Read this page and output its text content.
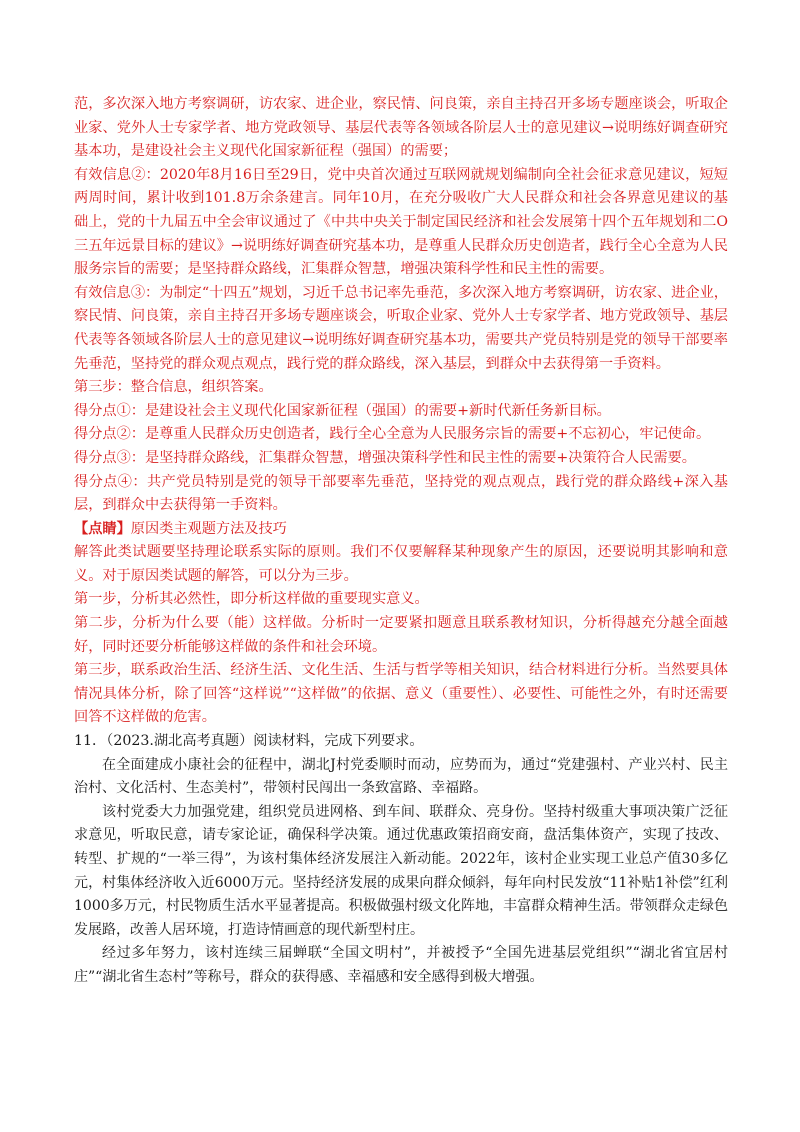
范，多次深入地方考察调研，访农家、进企业，察民情、问良策，亲自主持召开多场专题座谈会，听取企业家、党外人士专家学者、地方党政领导、基层代表等各领域各阶层人士的意见建议→说明练好调查研究基本功，是建设社会主义现代化国家新征程（强国）的需要；

有效信息②：2020年8月16日至29日，党中央首次通过互联网就规划编制向全社会征求意见建议，短短两周时间，累计收到101.8万余条建言。同年10月，在充分吸收广大人民群众和社会各界意见建议的基础上，党的十九届五中全会审议通过了《中共中央关于制定国民经济和社会发展第十四个五年规划和二O三五年远景目标的建议》→说明练好调查研究基本功，是尊重人民群众历史创造者，践行全心全意为人民服务宗旨的需要；是坚持群众路线，汇集群众智慧，增强决策科学性和民主性的需要。

有效信息③：为制定“十四五”规划，习近千总书记率先垂范，多次深入地方考察调研，访农家、进企业，察民情、问良策，亲自主持召开多场专题座谈会，听取企业家、党外人士专家学者、地方党政领导、基层代表等各领域各阶层人士的意见建议→说明练好调查研究基本功，需要共产党员特别是党的领导干部要率先垂范，坚持党的群众观点观点，践行党的群众路线，深入基层，到群众中去获得第一手资料。

第三步：整合信息，组织答案。

得分点①：是建设社会主义现代化国家新征程（强国）的需要+新时代新任务新目标。

得分点②：是尊重人民群众历史创造者，践行全心全意为人民服务宗旨的需要+不忘初心，牢记使命。

得分点③：是坚持群众路线，汇集群众智慧，增强决策科学性和民主性的需要+决策符合人民需要。

得分点④：共产党员特别是党的领导干部要率先垂范，坚持党的观点观点，践行党的群众路线+深入基层，到群众中去获得第一手资料。

【点睛】原因类主观题方法及技巧

解答此类试题要坚持理论联系实际的原则。我们不仅要解释某种现象产生的原因，还要说明其影响和意义。对于原因类试题的解答，可以分为三步。

第一步，分析其必然性，即分析这样做的重要现实意义。

第二步，分析为什么要（能）这样做。分析时一定要紧扣题意且联系教材知识，分析得越充分越全面越好，同时还要分析能够这样做的条件和社会环境。

第三步，联系政治生活、经济生活、文化生活、生活与哲学等相关知识，结合材料进行分析。当然要具体情况具体分析，除了回答“这样说”“这样做”的依据、意义（重要性）、必要性、可能性之外，有时还需要回答不这样做的危害。

11．（2023.湖北高考真题）阅读材料，完成下列要求。

在全面建成小康社会的征程中，湖北J村党委顺时而动，应势而为，通过“党建强村、产业兴村、民主治村、文化活村、生态美村”，带领村民闯出一条致富路、幸福路。

该村党委大力加强党建，组织党员进网格、到车间、联群众、亮身份。坚持村级重大事项决策广泛征求意见，听取民意，请专家论证，确保科学决策。通过优惠政策招商安商，盘活集体资产，实现了技改、转型、扩规的“一举三得”，为该村集体经济发展注入新动能。2022年，该村企业实现工业总产值30多亿元，村集体经济收入近6000万元。坚持经济发展的成果向群众倾斜，每年向村民发放“11补贴1补偿”红利1000多万元，村民物质生活水平显著提高。积极做强村级文化阵地，丰富群众精神生活。带领群众走绿色发展路，改善人居环境，打造诗情画意的现代新型村庄。

经过多年努力，该村连续三届蝉联“全国文明村”，并被授予“全国先进基层党组织”“湖北省宜居村庄”“湖北省生态村”等称号，群众的获得感、幸福感和安全感得到极大增强。
